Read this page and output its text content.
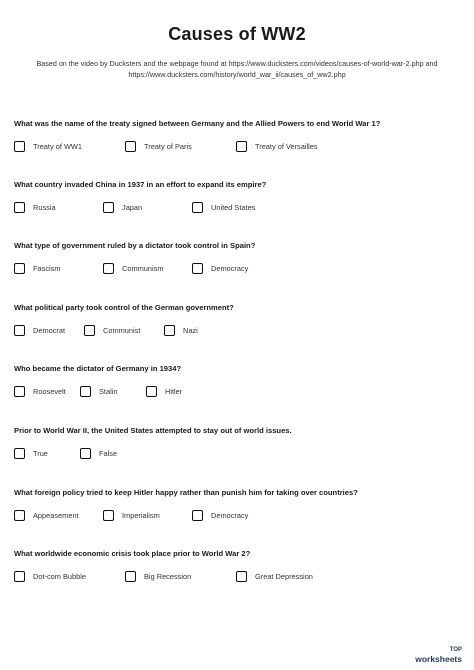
Causes of WW2
Based on the video by Ducksters and the webpage found at https://www.ducksters.com/videos/causes-of-world-war-2.php and https://www.ducksters.com/history/world_war_ii/causes_of_ww2.php
What was the name of the treaty signed between Germany and the Allied Powers to end World War 1?
Treaty of WW1	Treaty of Paris	Treaty of Versailles
What country invaded China in 1937 in an effort to expand its empire?
Russia	Japan	United States
What type of government ruled by a dictator took control in Spain?
Fascism	Communism	Democracy
What political party took control of the German government?
Democrat	Communist	Nazi
Who became the dictator of Germany in 1934?
Roosevelt	Stalin	Hitler
Prior to World War II, the United States attempted to stay out of world issues.
True	False
What foreign policy tried to keep Hitler happy rather than punish him for taking over countries?
Appeasement	Imperialism	Democracy
What worldwide economic crisis took place prior to World War 2?
Dot-com Bubble	Big Recession	Great Depression
TOP
worksheets
